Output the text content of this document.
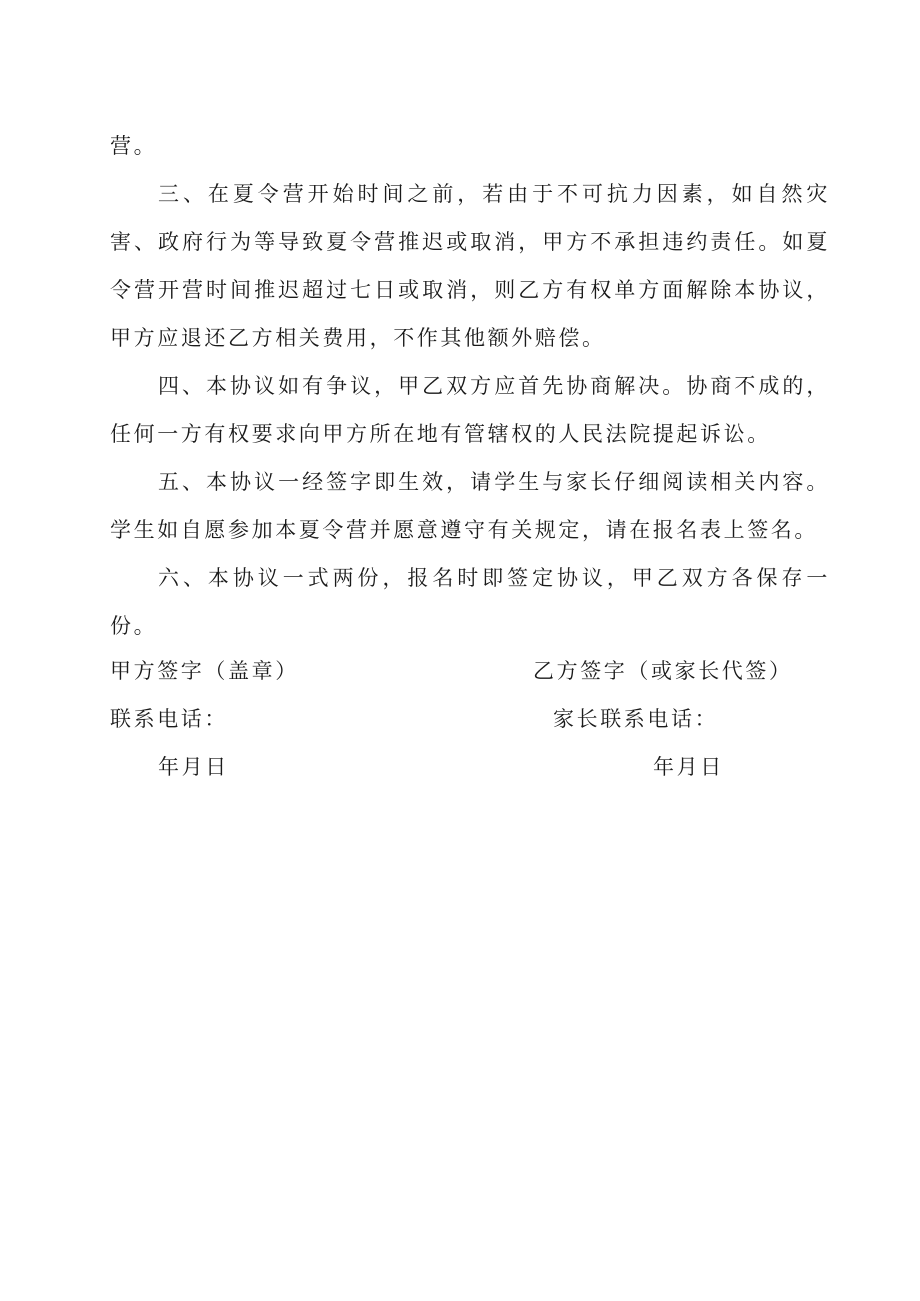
营。

三、在夏令营开始时间之前，若由于不可抗力因素，如自然灾害、政府行为等导致夏令营推迟或取消，甲方不承担违约责任。如夏令营开营时间推迟超过七日或取消，则乙方有权单方面解除本协议，甲方应退还乙方相关费用，不作其他额外赔偿。

四、本协议如有争议，甲乙双方应首先协商解决。协商不成的，任何一方有权要求向甲方所在地有管辖权的人民法院提起诉讼。

五、本协议一经签字即生效，请学生与家长仔细阅读相关内容。学生如自愿参加本夏令营并愿意遵守有关规定，请在报名表上签名。

六、本协议一式两份，报名时即签定协议，甲乙双方各保存一份。

甲方签字（盖章）

联系电话：

年月日

乙方签字（或家长代签）

家长联系电话：

年月日
